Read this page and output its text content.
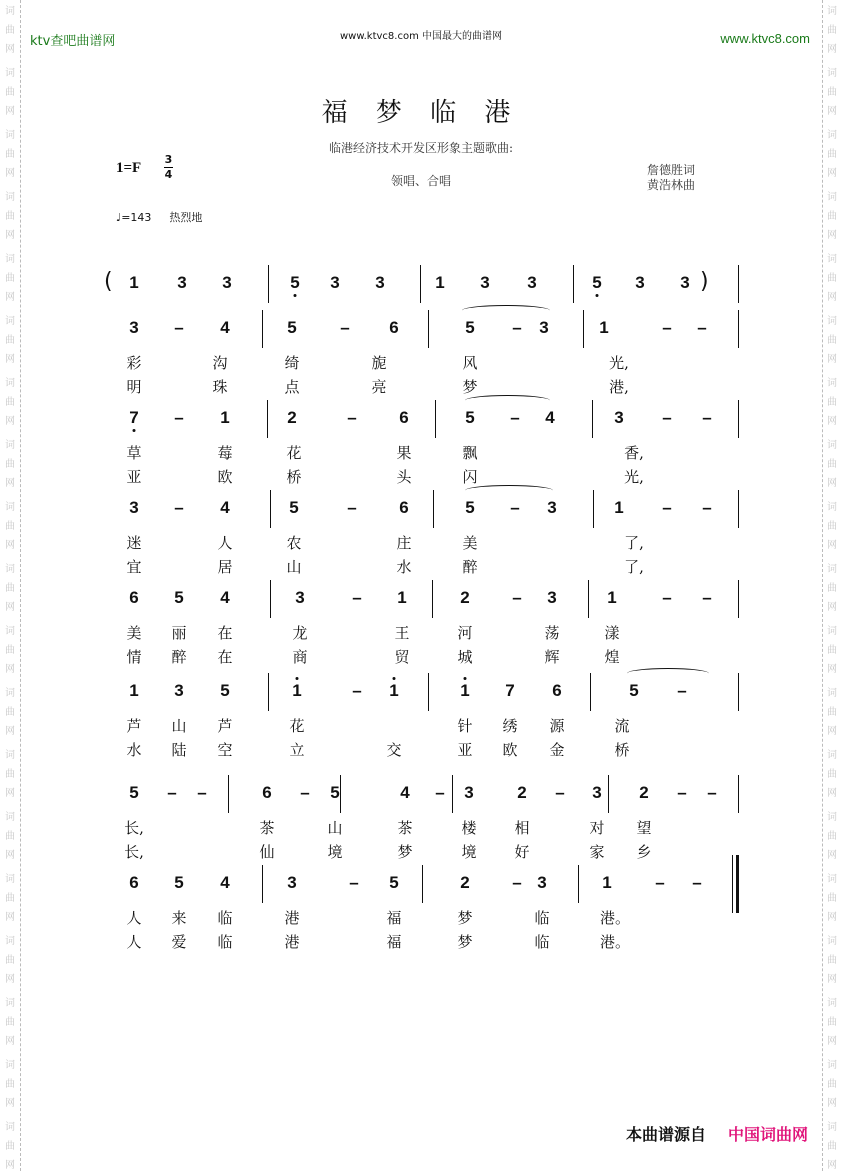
词
曲
网
词
曲
网
词
曲
网
词
曲
网
词
曲
网
词
曲
网
词
曲
网
词
曲
网
词
曲
网
词
曲
网
词
曲
网
词
曲
网
词
曲
网
词
曲
网
词
曲
网
词
曲
网
词
曲
网
词
曲
网
词
曲
网
词
曲
网
词
曲
网
词
曲
网
词
曲
网
词
曲
网
词
曲
网
词
曲
网
词
曲
网
词
曲
网
词
曲
网
词
曲
网
词
曲
网
词
曲
网
词
曲
网
词
曲
网
词
曲
网
词
曲
网
词
曲
网
词
曲
网
ktv查吧曲谱网	www.ktvc8.com 中国最大的曲谱网	www.ktvc8.com
福 梦 临 港
临港经济技术开发区形象主题歌曲:
1=F
3
4	领唱、合唱
詹德胜词
黄浩林曲
♩=143 热烈地
(	)
1	3	3	5	3	3	1	3	3	5	3	3
3	–	4	5	–	6	5	–	3	1	–	–
彩	沟	绮	旎	风	光,
明	珠	点	亮	梦	港,
7	–	1	2	–	6	5	–	4	3	–	–
草	莓	花	果	飘	香,
亚	欧	桥	头	闪	光,
3	–	4	5	–	6	5	–	3	1	–	–
迷	人	农	庄	美	了,
宜	居	山	水	醉	了,
6	5	4	3	–	1	2	–	3	1	–	–
美	丽	在	龙	王	河	荡	漾
情	醉	在	商	贸	城	辉	煌
1	3	5	1	–	1	1	7	6	5	–
芦	山	芦	花	针	绣	源	流
水	陆	空	立	交	亚	欧	金	桥
5	–	–	6	–	5	4	–	3	2	–	3	2	–	–
长,	茶	山	茶	楼	相	对	望
长,	仙	境	梦	境	好	家	乡
6	5	4	3	–	5	2	– 3	1	–	–
人	来	临	港	福	梦	临	港。
人	爱	临	港	福	梦	临	港。
本曲谱源自 中国词曲网
